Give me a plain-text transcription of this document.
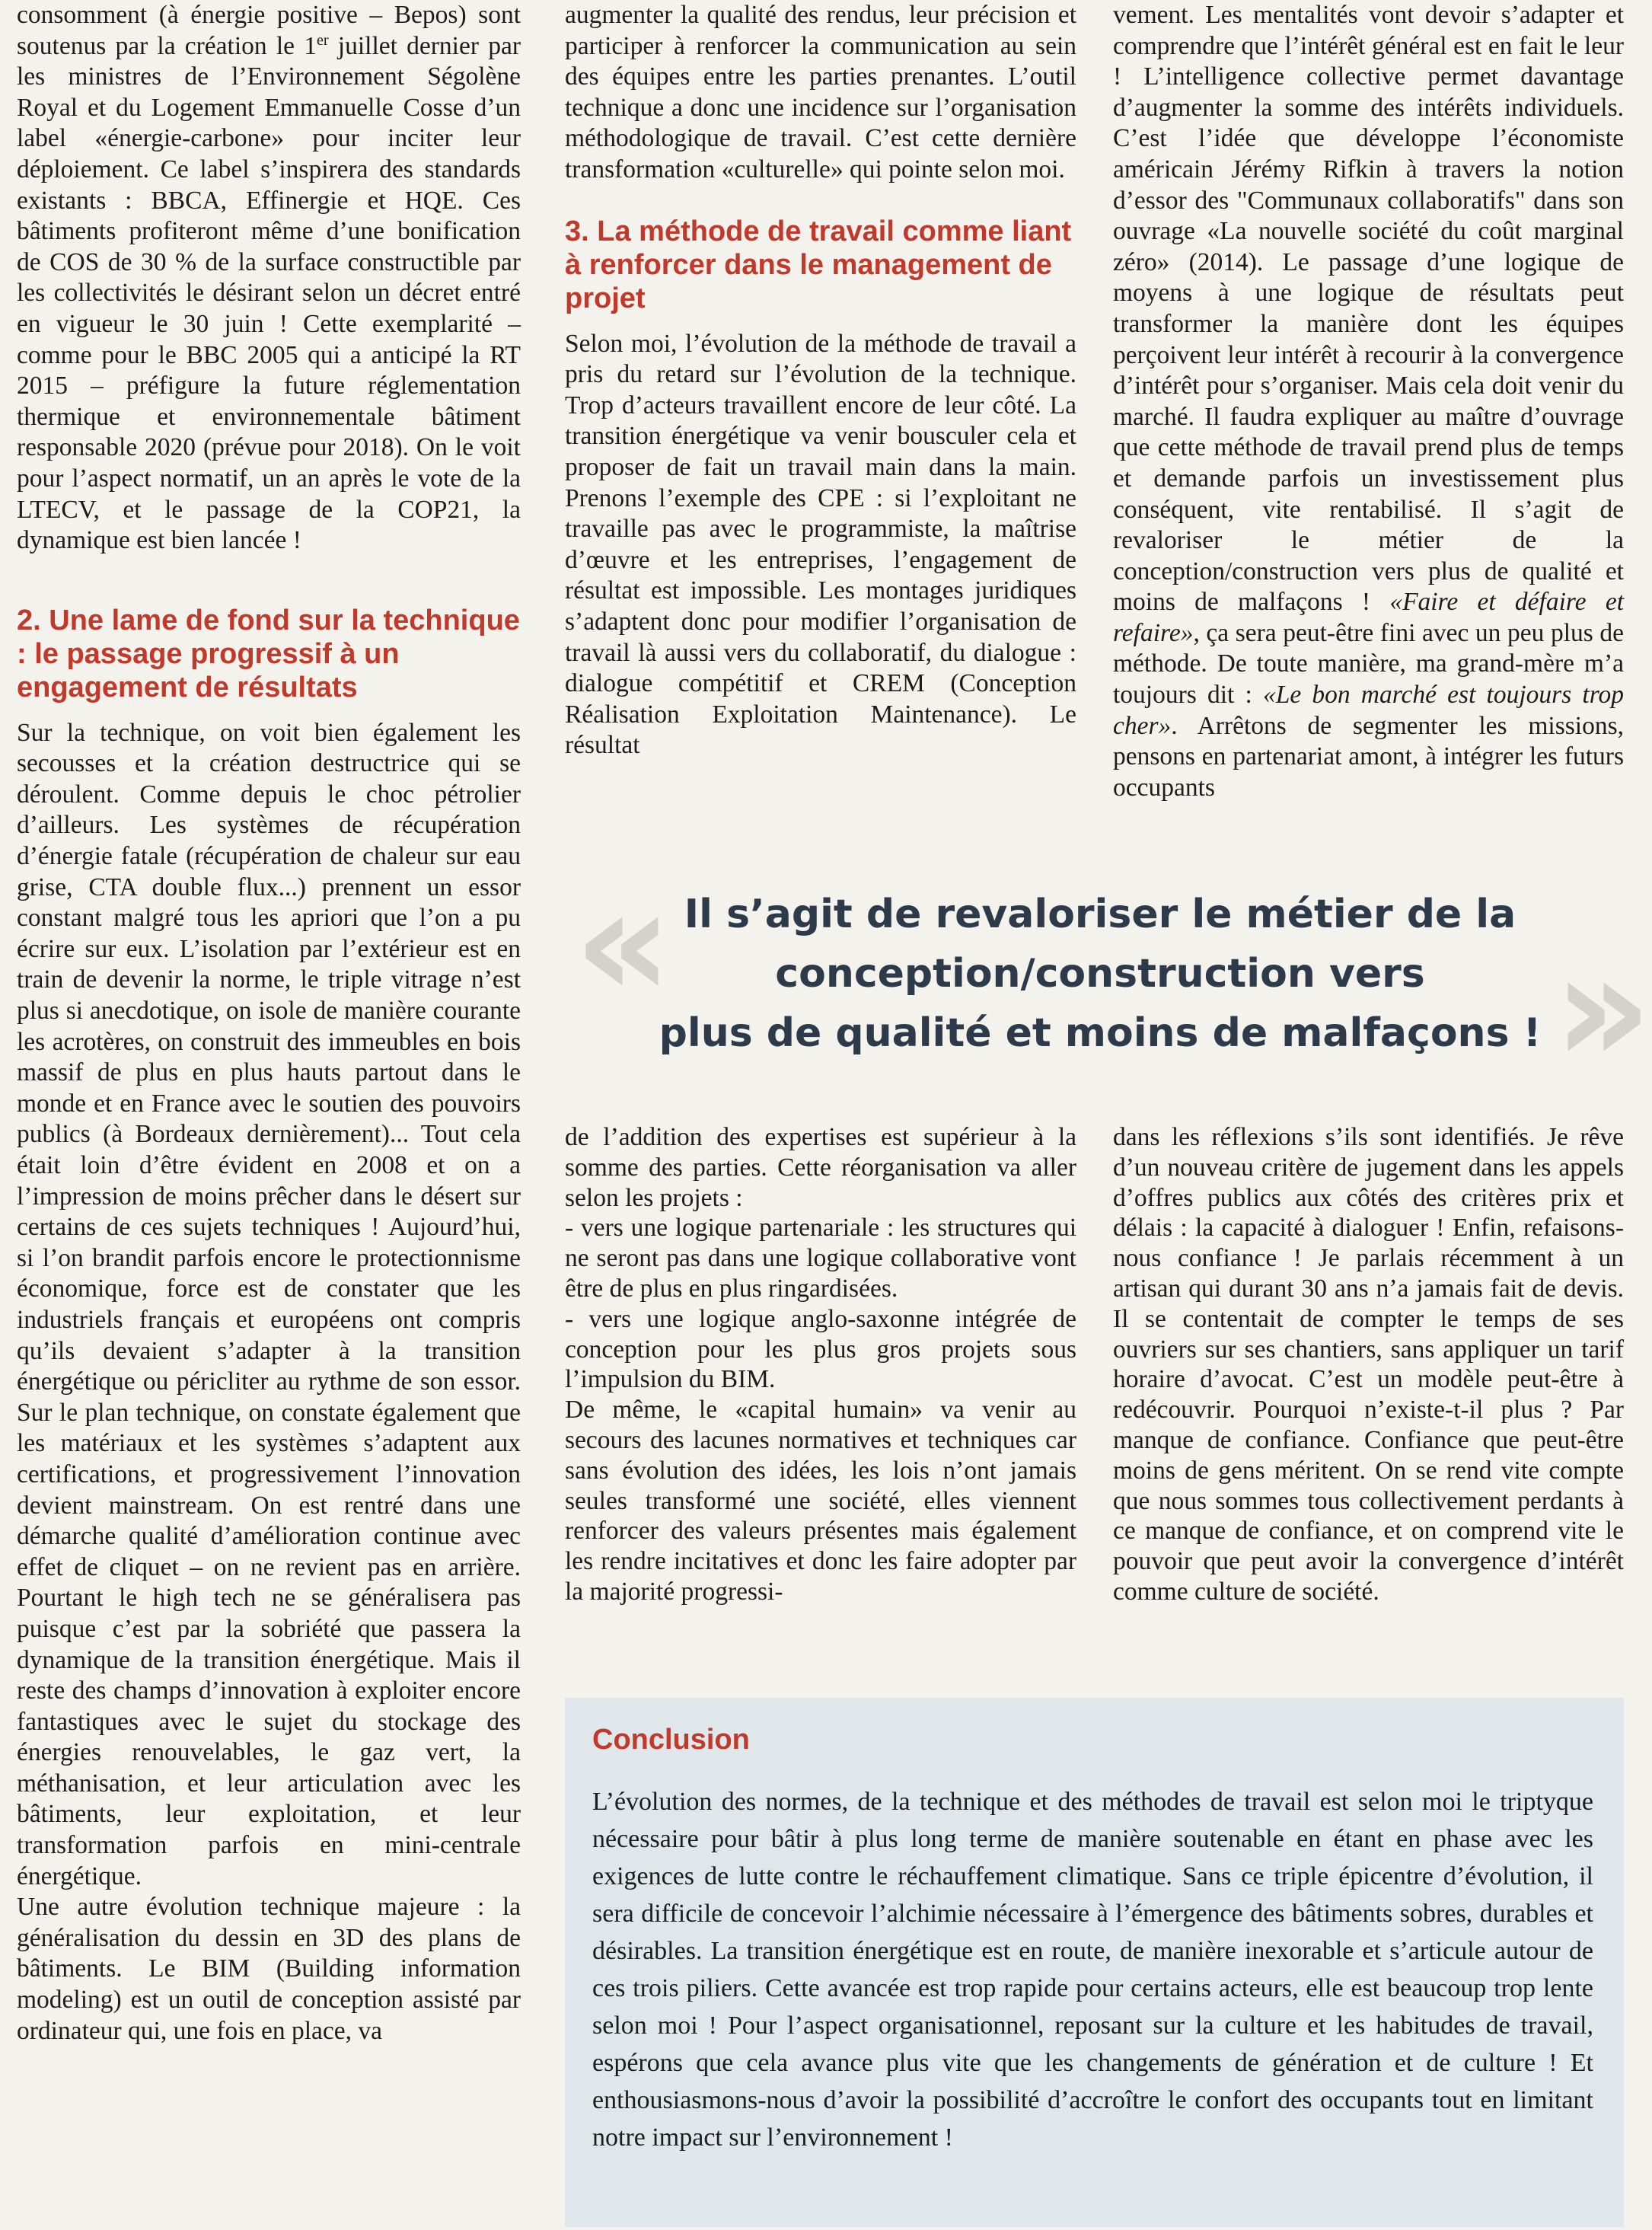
consomment (à énergie positive – Bepos) sont soutenus par la création le 1er juillet dernier par les ministres de l’Environnement Ségolène Royal et du Logement Emmanuelle Cosse d’un label «énergie-carbone» pour inciter leur déploiement. Ce label s’inspirera des standards existants : BBCA, Effinergie et HQE. Ces bâtiments profiteront même d’une bonification de COS de 30 % de la surface constructible par les collectivités le désirant selon un décret entré en vigueur le 30 juin ! Cette exemplarité – comme pour le BBC 2005 qui a anticipé la RT 2015 – préfigure la future réglementation thermique et environnementale bâtiment responsable 2020 (prévue pour 2018). On le voit pour l’aspect normatif, un an après le vote de la LTECV, et le passage de la COP21, la dynamique est bien lancée !

2. Une lame de fond sur la technique : le passage progressif à un engagement de résultats

Sur la technique, on voit bien également les secousses et la création destructrice qui se déroulent. Comme depuis le choc pétrolier d’ailleurs. Les systèmes de récupération d’énergie fatale (récupération de chaleur sur eau grise, CTA double flux...) prennent un essor constant malgré tous les apriori que l’on a pu écrire sur eux. L’isolation par l’extérieur est en train de devenir la norme, le triple vitrage n’est plus si anecdotique, on isole de manière courante les acrotères, on construit des immeubles en bois massif de plus en plus hauts partout dans le monde et en France avec le soutien des pouvoirs publics (à Bordeaux dernièrement)... Tout cela était loin d’être évident en 2008 et on a l’impression de moins prêcher dans le désert sur certains de ces sujets techniques ! Aujourd’hui, si l’on brandit parfois encore le protectionnisme économique, force est de constater que les industriels français et européens ont compris qu’ils devaient s’adapter à la transition énergétique ou péricliter au rythme de son essor. Sur le plan technique, on constate également que les matériaux et les systèmes s’adaptent aux certifications, et progressivement l’innovation devient mainstream. On est rentré dans une démarche qualité d’amélioration continue avec effet de cliquet – on ne revient pas en arrière. Pourtant le high tech ne se généralisera pas puisque c’est par la sobriété que passera la dynamique de la transition énergétique. Mais il reste des champs d’innovation à exploiter encore fantastiques avec le sujet du stockage des énergies renouvelables, le gaz vert, la méthanisation, et leur articulation avec les bâtiments, leur exploitation, et leur transformation parfois en mini-centrale énergétique.

Une autre évolution technique majeure : la généralisation du dessin en 3D des plans de bâtiments. Le BIM (Building information modeling) est un outil de conception assisté par ordinateur qui, une fois en place, va

augmenter la qualité des rendus, leur précision et participer à renforcer la communication au sein des équipes entre les parties prenantes. L’outil technique a donc une incidence sur l’organisation méthodologique de travail. C’est cette dernière transformation «culturelle» qui pointe selon moi.

3. La méthode de travail comme liant à renforcer dans le management de projet

Selon moi, l’évolution de la méthode de travail a pris du retard sur l’évolution de la technique. Trop d’acteurs travaillent encore de leur côté. La transition énergétique va venir bousculer cela et proposer de fait un travail main dans la main. Prenons l’exemple des CPE : si l’exploitant ne travaille pas avec le programmiste, la maîtrise d’œuvre et les entreprises, l’engagement de résultat est impossible. Les montages juridiques s’adaptent donc pour modifier l’organisation de travail là aussi vers du collaboratif, du dialogue : dialogue compétitif et CREM (Conception Réalisation Exploitation Maintenance). Le résultat

vement. Les mentalités vont devoir s’adapter et comprendre que l’intérêt général est en fait le leur ! L’intelligence collective permet davantage d’augmenter la somme des intérêts individuels. C’est l’idée que développe l’économiste américain Jérémy Rifkin à travers la notion d’essor des "Communaux collaboratifs" dans son ouvrage «La nouvelle société du coût marginal zéro» (2014). Le passage d’une logique de moyens à une logique de résultats peut transformer la manière dont les équipes perçoivent leur intérêt à recourir à la convergence d’intérêt pour s’organiser. Mais cela doit venir du marché. Il faudra expliquer au maître d’ouvrage que cette méthode de travail prend plus de temps et demande parfois un investissement plus conséquent, vite rentabilisé. Il s’agit de revaloriser le métier de la conception/construction vers plus de qualité et moins de malfaçons ! «Faire et défaire et refaire», ça sera peut-être fini avec un peu plus de méthode. De toute manière, ma grand-mère m’a toujours dit : «Le bon marché est toujours trop cher». Arrêtons de segmenter les missions, pensons en partenariat amont, à intégrer les futurs occupants

«	»
Il s’agit de revaloriser le métier de la
conception/construction vers
plus de qualité et moins de malfaçons !

de l’addition des expertises est supérieur à la somme des parties. Cette réorganisation va aller selon les projets :

- vers une logique partenariale : les structures qui ne seront pas dans une logique collaborative vont être de plus en plus ringardisées.

- vers une logique anglo-saxonne intégrée de conception pour les plus gros projets sous l’impulsion du BIM.

De même, le «capital humain» va venir au secours des lacunes normatives et techniques car sans évolution des idées, les lois n’ont jamais seules transformé une société, elles viennent renforcer des valeurs présentes mais également les rendre incitatives et donc les faire adopter par la majorité progressi-

dans les réflexions s’ils sont identifiés. Je rêve d’un nouveau critère de jugement dans les appels d’offres publics aux côtés des critères prix et délais : la capacité à dialoguer ! Enfin, refaisons-nous confiance ! Je parlais récemment à un artisan qui durant 30 ans n’a jamais fait de devis. Il se contentait de compter le temps de ses ouvriers sur ses chantiers, sans appliquer un tarif horaire d’avocat. C’est un modèle peut-être à redécouvrir. Pourquoi n’existe-t-il plus ? Par manque de confiance. Confiance que peut-être moins de gens méritent. On se rend vite compte que nous sommes tous collectivement perdants à ce manque de confiance, et on comprend vite le pouvoir que peut avoir la convergence d’intérêt comme culture de société.

Conclusion

L’évolution des normes, de la technique et des méthodes de travail est selon moi le triptyque nécessaire pour bâtir à plus long terme de manière soutenable en étant en phase avec les exigences de lutte contre le réchauffement climatique. Sans ce triple épicentre d’évolution, il sera difficile de concevoir l’alchimie nécessaire à l’émergence des bâtiments sobres, durables et désirables. La transition énergétique est en route, de manière inexorable et s’articule autour de ces trois piliers. Cette avancée est trop rapide pour certains acteurs, elle est beaucoup trop lente selon moi ! Pour l’aspect organisationnel, reposant sur la culture et les habitudes de travail, espérons que cela avance plus vite que les changements de génération et de culture ! Et enthousiasmons-nous d’avoir la possibilité d’accroître le confort des occupants tout en limitant notre impact sur l’environnement !
